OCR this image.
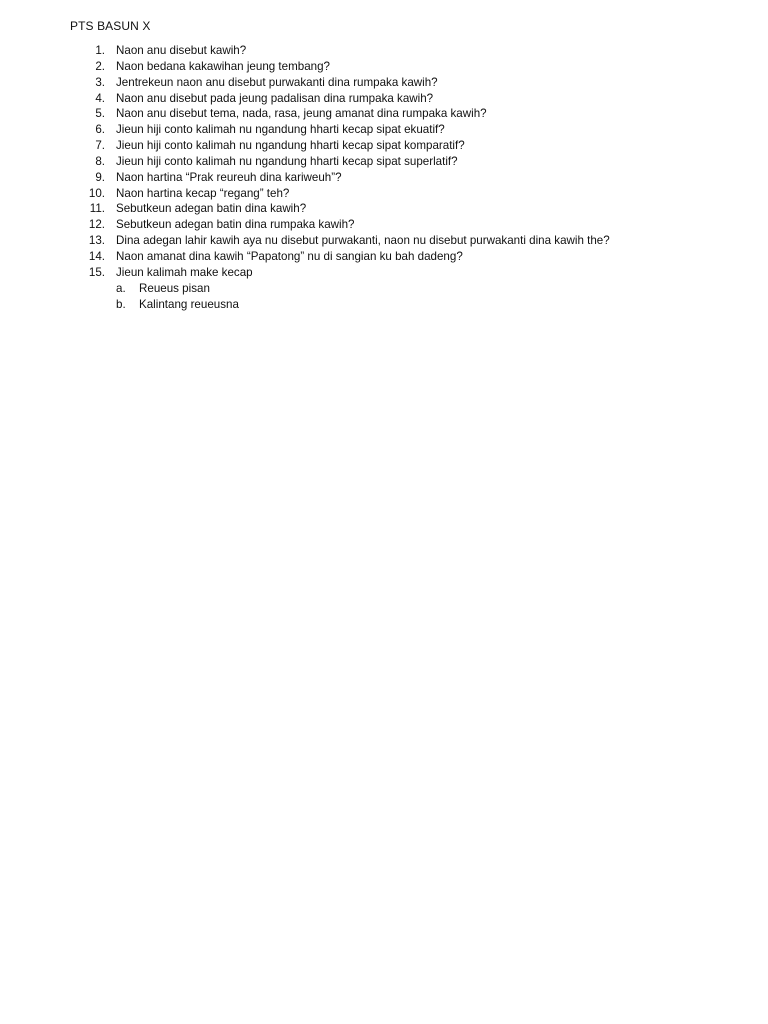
PTS BASUN X
1. Naon anu disebut kawih?
2. Naon bedana kakawihan jeung tembang?
3. Jentrekeun naon anu disebut purwakanti dina rumpaka kawih?
4. Naon anu disebut pada jeung padalisan dina rumpaka kawih?
5. Naon anu disebut tema, nada, rasa, jeung amanat dina rumpaka kawih?
6. Jieun hiji conto kalimah nu ngandung hharti kecap sipat ekuatif?
7. Jieun hiji conto kalimah nu ngandung hharti kecap sipat komparatif?
8. Jieun hiji conto kalimah nu ngandung hharti kecap sipat superlatif?
9. Naon hartina “Prak reureuh dina kariweuh”?
10. Naon hartina kecap “regang” teh?
11. Sebutkeun adegan batin dina kawih?
12. Sebutkeun adegan batin dina rumpaka kawih?
13. Dina adegan lahir kawih aya nu disebut purwakanti, naon nu disebut purwakanti dina kawih the?
14. Naon amanat dina kawih “Papatong” nu di sangian ku bah dadeng?
15. Jieun kalimah make kecap
a. Reueus pisan
b. Kalintang reueusna
